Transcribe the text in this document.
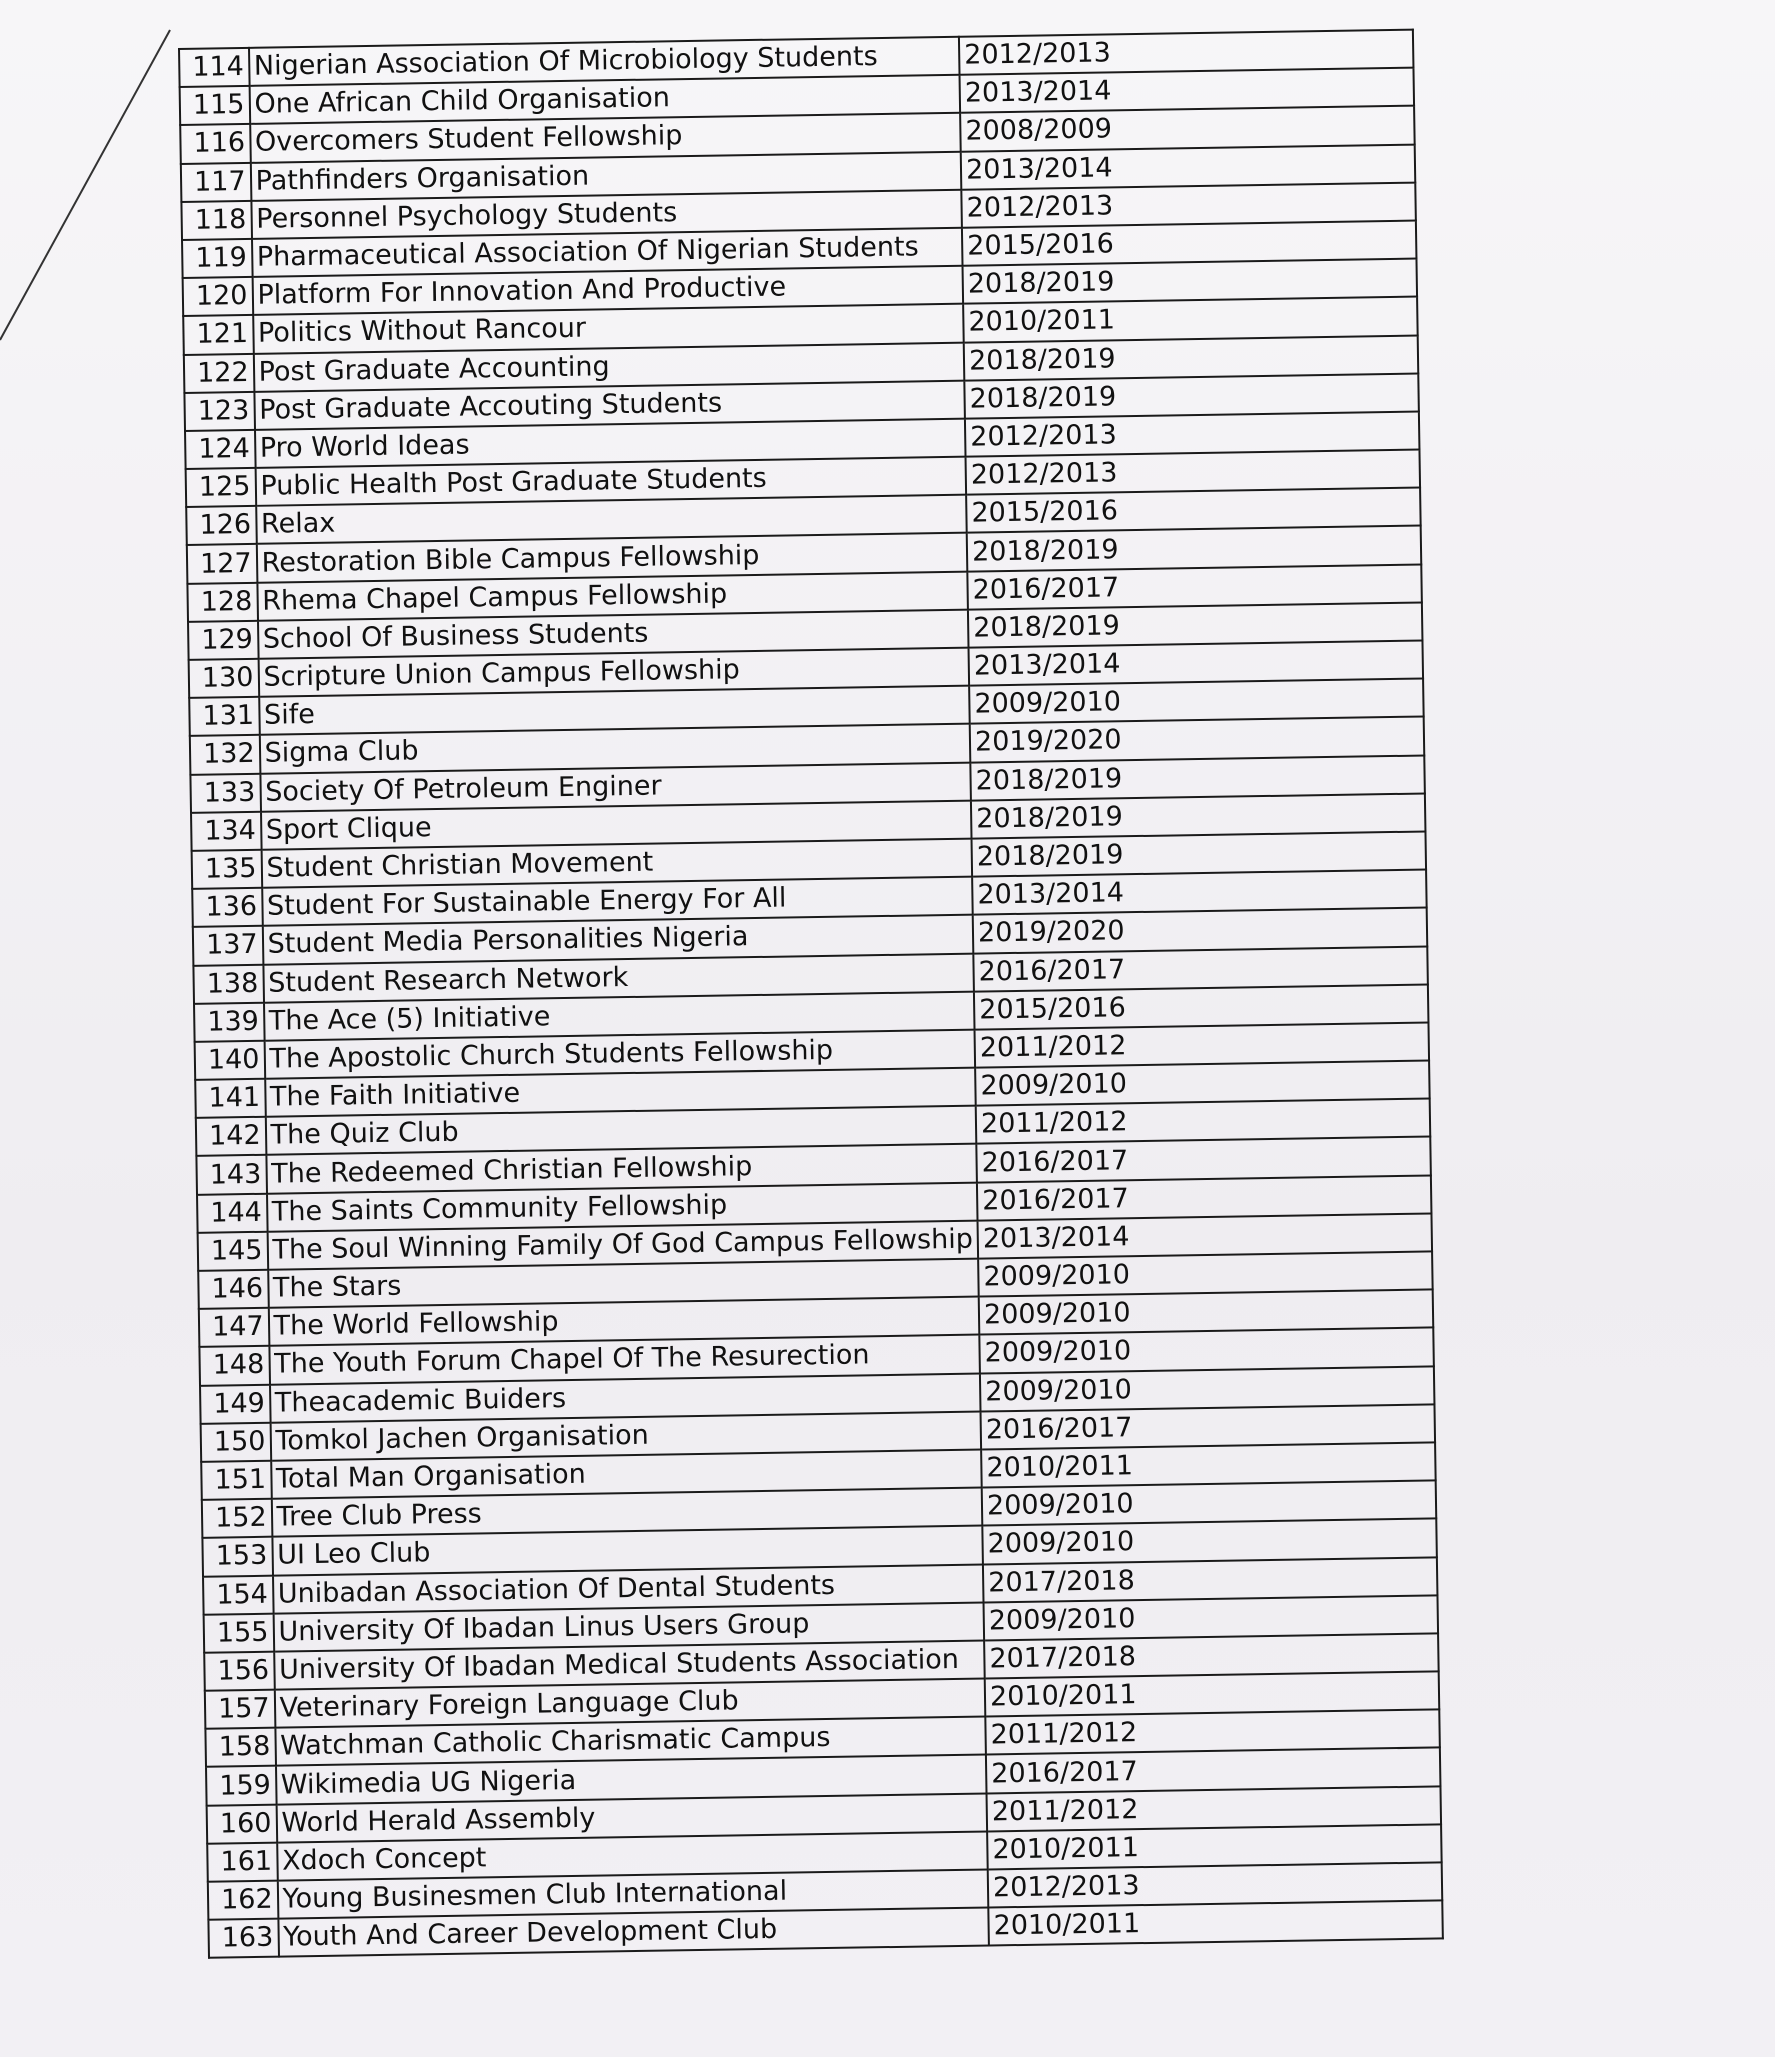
114	Nigerian Association Of Microbiology Students	2012/2013
115	One African Child Organisation	2013/2014
116	Overcomers Student Fellowship	2008/2009
117	Pathfinders Organisation	2013/2014
118	Personnel Psychology Students	2012/2013
119	Pharmaceutical Association Of Nigerian Students	2015/2016
120	Platform For Innovation And Productive	2018/2019
121	Politics Without Rancour	2010/2011
122	Post Graduate Accounting	2018/2019
123	Post Graduate Accouting Students	2018/2019
124	Pro World Ideas	2012/2013
125	Public Health Post Graduate Students	2012/2013
126	Relax	2015/2016
127	Restoration Bible Campus Fellowship	2018/2019
128	Rhema Chapel Campus Fellowship	2016/2017
129	School Of Business Students	2018/2019
130	Scripture Union Campus Fellowship	2013/2014
131	Sife	2009/2010
132	Sigma Club	2019/2020
133	Society Of Petroleum Enginer	2018/2019
134	Sport Clique	2018/2019
135	Student Christian Movement	2018/2019
136	Student For Sustainable Energy For All	2013/2014
137	Student Media Personalities Nigeria	2019/2020
138	Student Research Network	2016/2017
139	The Ace (5) Initiative	2015/2016
140	The Apostolic Church Students Fellowship	2011/2012
141	The Faith Initiative	2009/2010
142	The Quiz Club	2011/2012
143	The Redeemed Christian Fellowship	2016/2017
144	The Saints Community Fellowship	2016/2017
145	The Soul Winning Family Of God Campus Fellowship	2013/2014
146	The Stars	2009/2010
147	The World Fellowship	2009/2010
148	The Youth Forum Chapel Of The Resurection	2009/2010
149	Theacademic Buiders	2009/2010
150	Tomkol Jachen Organisation	2016/2017
151	Total Man Organisation	2010/2011
152	Tree Club Press	2009/2010
153	UI Leo Club	2009/2010
154	Unibadan Association Of Dental Students	2017/2018
155	University Of Ibadan Linus Users Group	2009/2010
156	University Of Ibadan Medical Students Association	2017/2018
157	Veterinary Foreign Language Club	2010/2011
158	Watchman Catholic Charismatic Campus	2011/2012
159	Wikimedia UG Nigeria	2016/2017
160	World Herald Assembly	2011/2012
161	Xdoch Concept	2010/2011
162	Young Businesmen Club International	2012/2013
163	Youth And Career Development Club	2010/2011
